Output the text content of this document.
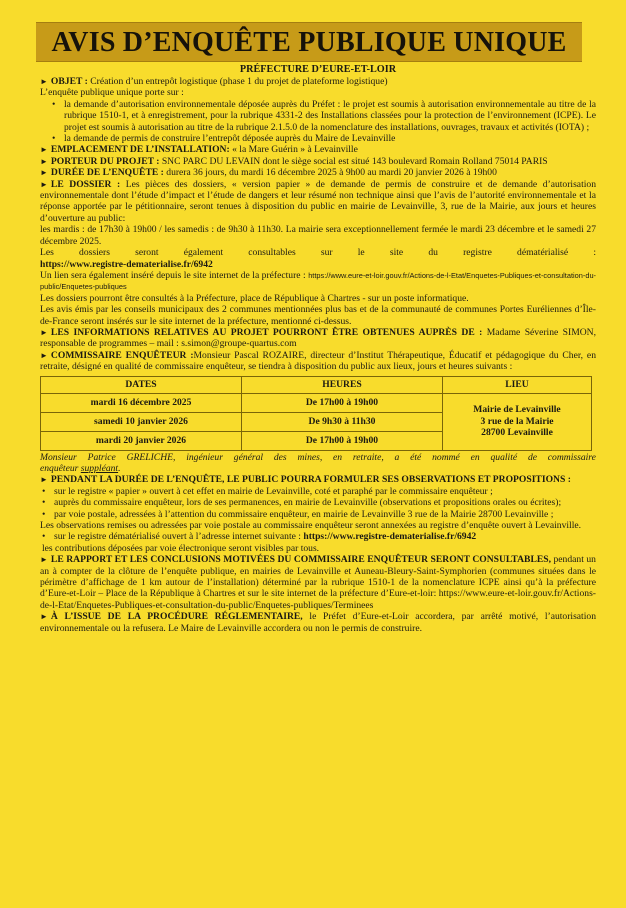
AVIS D’ENQUÊTE PUBLIQUE UNIQUE
PRÉFECTURE D’EURE-ET-LOIR

► OBJET : Création d’un entrepôt logistique (phase 1 du projet de plateforme logistique)

L’enquête publique unique porte sur :

• la demande d’autorisation environnementale déposée auprès du Préfet : le projet est soumis à autorisation environnementale au titre de la rubrique 1510-1, et à enregistrement, pour la rubrique 4331-2 des Installations classées pour la protection de l’environnement (ICPE). Le projet est soumis à autorisation au titre de la rubrique 2.1.5.0 de la nomenclature des installations, ouvrages, travaux et activités (IOTA) ;
• la demande de permis de construire l’entrepôt déposée auprès du Maire de Levainville

► EMPLACEMENT DE L’INSTALLATION: « la Mare Guérin » à Levainville

► PORTEUR DU PROJET : SNC PARC DU LEVAIN dont le siège social est situé 143 boulevard Romain Rolland 75014 PARIS

► DURÉE DE L’ENQUÊTE : durera 36 jours, du mardi 16 décembre 2025 à 9h00 au mardi 20 janvier 2026 à 19h00

► LE DOSSIER : Les pièces des dossiers, « version papier » de demande de permis de construire et de demande d’autorisation environnementale dont l’étude d’impact et l’étude de dangers et leur résumé non technique ainsi que l’avis de l’autorité environnementale et la réponse apportée par le pétitionnaire, seront tenues à disposition du public en mairie de Levainville, 3, rue de la Mairie, aux jours et heures d’ouverture au public:

les mardis : de 17h30 à 19h00 / les samedis : de 9h30 à 11h30. La mairie sera exceptionnellement fermée le mardi 23 décembre et le samedi 27 décembre 2025.

Les	dossiers	seront	également	consultables	sur	le	site	du	registre	dématérialisé	:

https://www.registre-dematerialise.fr/6942

Un lien sera également inséré depuis le site internet de la préfecture : https://www.eure-et-loir.gouv.fr/Actions-de-l-Etat/Enquetes-Publiques-et-consultation-du-public/Enquetes-publiques

Les dossiers pourront être consultés à la Préfecture, place de République à Chartres - sur un poste informatique.

Les avis émis par les conseils municipaux des 2 communes mentionnées plus bas et de la communauté de communes Portes Euréliennes d’Île-de-France seront insérés sur le site internet de la préfecture, mentionné ci-dessus.

► LES INFORMATIONS RELATIVES AU PROJET POURRONT ÊTRE OBTENUES AUPRÈS DE : Madame Séverine SIMON, responsable de programmes – mail : s.simon@groupe-quartus.com

► COMMISSAIRE ENQUÊTEUR :Monsieur Pascal ROZAIRE, directeur d’Institut Thérapeutique, Éducatif et pédagogique du Cher, en retraite, désigné en qualité de commissaire enquêteur, se tiendra à disposition du public aux lieux, jours et heures suivants :

DATES	HEURES	LIEU
mardi 16 décembre 2025	De 17h00 à 19h00	Mairie de Levainville
3 rue de la Mairie
28700 Levainville

samedi 10 janvier 2026	De 9h30 à 11h30	
mardi 20 janvier 2026	De 17h00 à 19h00	
Monsieur Patrice GRELICHE, ingénieur général des mines, en retraite, a été nommé en qualité de commissaire

enquêteur suppléant.

► PENDANT LA DURÉE DE L’ENQUÊTE, LE PUBLIC POURRA FORMULER SES OBSERVATIONS ET PROPOSITIONS :

• sur le registre « papier » ouvert à cet effet en mairie de Levainville, coté et paraphé par le commissaire enquêteur ;
• auprès du commissaire enquêteur, lors de ses permanences, en mairie de Levainville (observations et propositions orales ou écrites);
• par voie postale, adressées à l’attention du commissaire enquêteur, en mairie de Levainville 3 rue de la Mairie 28700 Levainville ;

Les observations remises ou adressées par voie postale au commissaire enquêteur seront annexées au registre d’enquête ouvert à Levainville.

• sur le registre dématérialisé ouvert à l’adresse internet suivante : https://www.registre-dematerialise.fr/6942

les contributions déposées par voie électronique seront visibles par tous.

► LE RAPPORT ET LES CONCLUSIONS MOTIVÉES DU COMMISSAIRE ENQUÊTEUR SERONT CONSULTABLES, pendant un an à compter de la clôture de l’enquête publique, en mairies de Levainville et Auneau-Bleury-Saint-Symphorien (communes situées dans le périmètre d’affichage de 1 km autour de l’installation) déterminé par la rubrique 1510-1 de la nomenclature ICPE ainsi qu’à la préfecture d’Eure-et-Loir – Place de la République à Chartres et sur le site internet de la préfecture d’Eure-et-loir: https://www.eure-et-loir.gouv.fr/Actions-de-l-Etat/Enquetes-Publiques-et-consultation-du-public/Enquetes-publiques/Terminees

► À L’ISSUE DE LA PROCÉDURE RÉGLEMENTAIRE, le Préfet d’Eure-et-Loir accordera, par arrêté motivé, l’autorisation environnementale ou la refusera. Le Maire de Levainville accordera ou non le permis de construire.
